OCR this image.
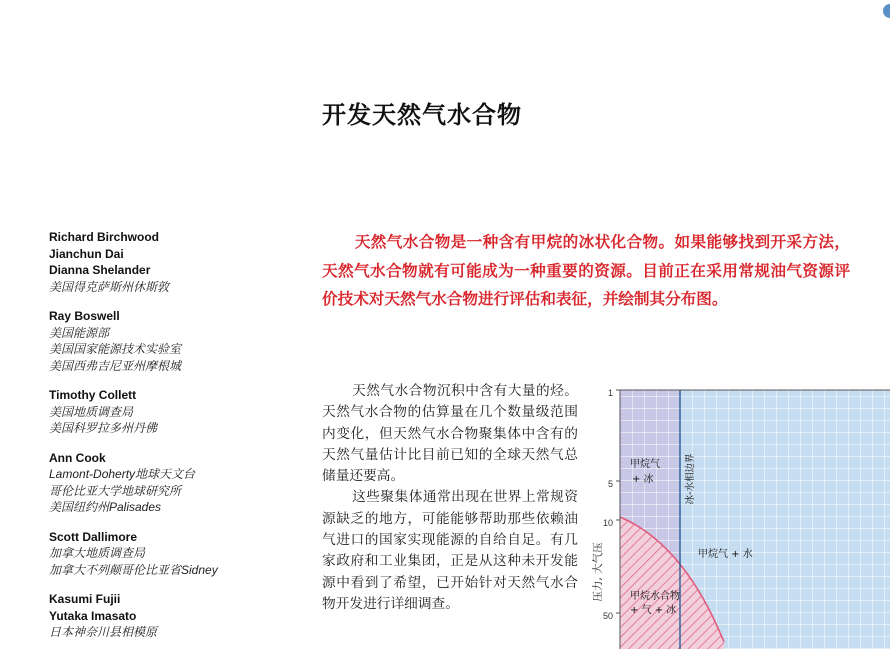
开发天然气水合物
Richard Birchwood
Jianchun Dai
Dianna Shelander
美国得克萨斯州休斯敦
Ray Boswell
美国能源部
美国国家能源技术实验室
美国西弗吉尼亚州摩根城
Timothy Collett
美国地质调查局
美国科罗拉多州丹佛
Ann Cook
Lamont-Doherty地球天文台
哥伦比亚大学地球研究所
美国纽约州Palisades
Scott Dallimore
加拿大地质调查局
加拿大不列颠哥伦比亚省Sidney
Kasumi Fujii
Yutaka Imasato
日本神奈川县相模原

天然气水合物是一种含有甲烷的冰状化合物。如果能够找到开采方法，天然气水合物就有可能成为一种重要的资源。目前正在采用常规油气资源评价技术对天然气水合物进行评估和表征，并绘制其分布图。

天然气水合物沉积中含有大量的烃。天然气水合物的估算量在几个数量级范围内变化，但天然气水合物聚集体中含有的天然气量估计比目前已知的全球天然气总储量还要高。

这些聚集体通常出现在世界上常规资源缺乏的地方，可能能够帮助那些依赖油气进口的国家实现能源的自给自足。有几家政府和工业集团，正是从这种未开发能源中看到了希望，已开始针对天然气水合物开发进行详细调查。

1
5
10
50
压力, 大气压
甲烷气
+ 冰	冰-水相边界
甲烷气 + 水
甲烷水合物
+ 气 + 冰
